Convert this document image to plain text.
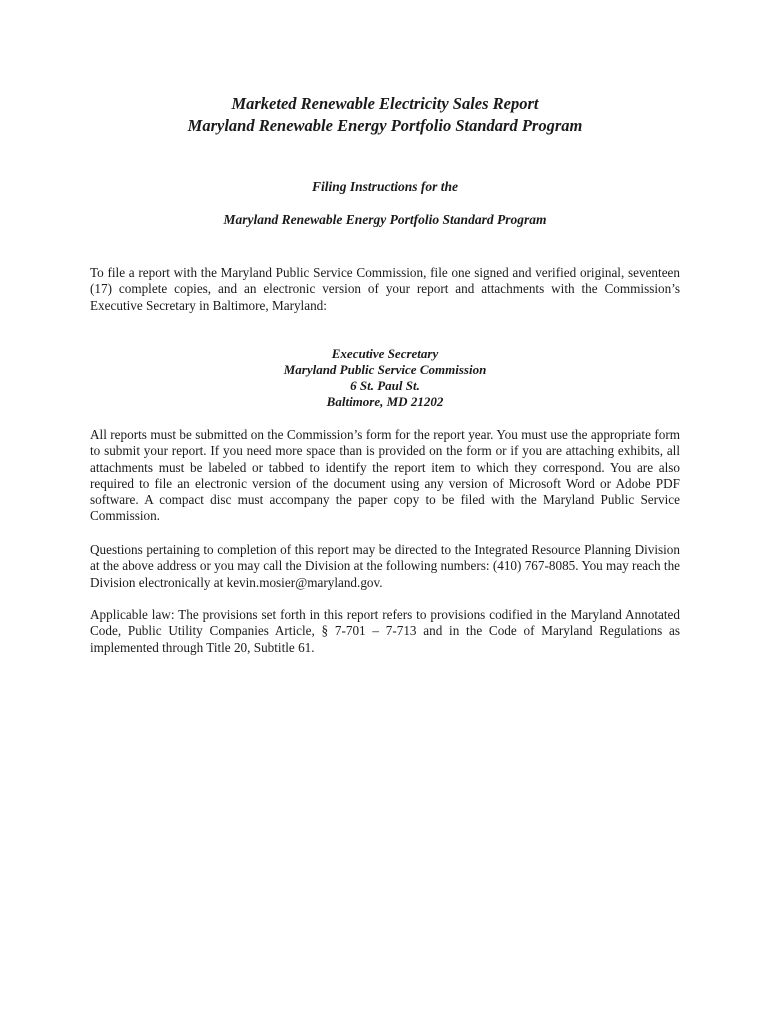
Marketed Renewable Electricity Sales Report
Maryland Renewable Energy Portfolio Standard Program
Filing Instructions for the
Maryland Renewable Energy Portfolio Standard Program
To file a report with the Maryland Public Service Commission, file one signed and verified original, seventeen (17) complete copies, and an electronic version of your report and attachments with the Commission’s Executive Secretary in Baltimore, Maryland:
Executive Secretary
Maryland Public Service Commission
6 St. Paul St.
Baltimore, MD 21202
All reports must be submitted on the Commission’s form for the report year. You must use the appropriate form to submit your report. If you need more space than is provided on the form or if you are attaching exhibits, all attachments must be labeled or tabbed to identify the report item to which they correspond. You are also required to file an electronic version of the document using any version of Microsoft Word or Adobe PDF software. A compact disc must accompany the paper copy to be filed with the Maryland Public Service Commission.
Questions pertaining to completion of this report may be directed to the Integrated Resource Planning Division at the above address or you may call the Division at the following numbers: (410) 767-8085. You may reach the Division electronically at kevin.mosier@maryland.gov.
Applicable law: The provisions set forth in this report refers to provisions codified in the Maryland Annotated Code, Public Utility Companies Article, § 7-701 – 7-713 and in the Code of Maryland Regulations as implemented through Title 20, Subtitle 61.
